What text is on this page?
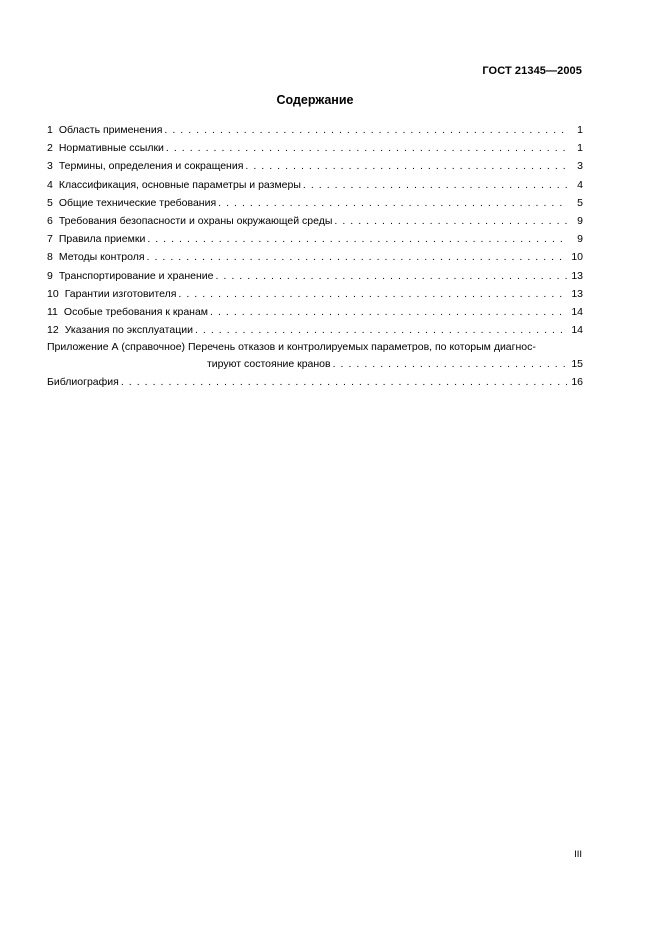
ГОСТ 21345—2005
Содержание
1 Область применения . . .	1
2 Нормативные ссылки . . .	1
3 Термины, определения и сокращения . . .	3
4 Классификация, основные параметры и размеры . . .	4
5 Общие технические требования . . .	5
6 Требования безопасности и охраны окружающей среды . . .	9
7 Правила приемки . . .	9
8 Методы контроля . . .	10
9 Транспортирование и хранение . . .	13
10 Гарантии изготовителя . . .	13
11 Особые требования к кранам . . .	14
12 Указания по эксплуатации . . .	14
Приложение А (справочное) Перечень отказов и контролируемых параметров, по которым диагнос-
тируют состояние кранов . . .	15
Библиография . . .	16
III
